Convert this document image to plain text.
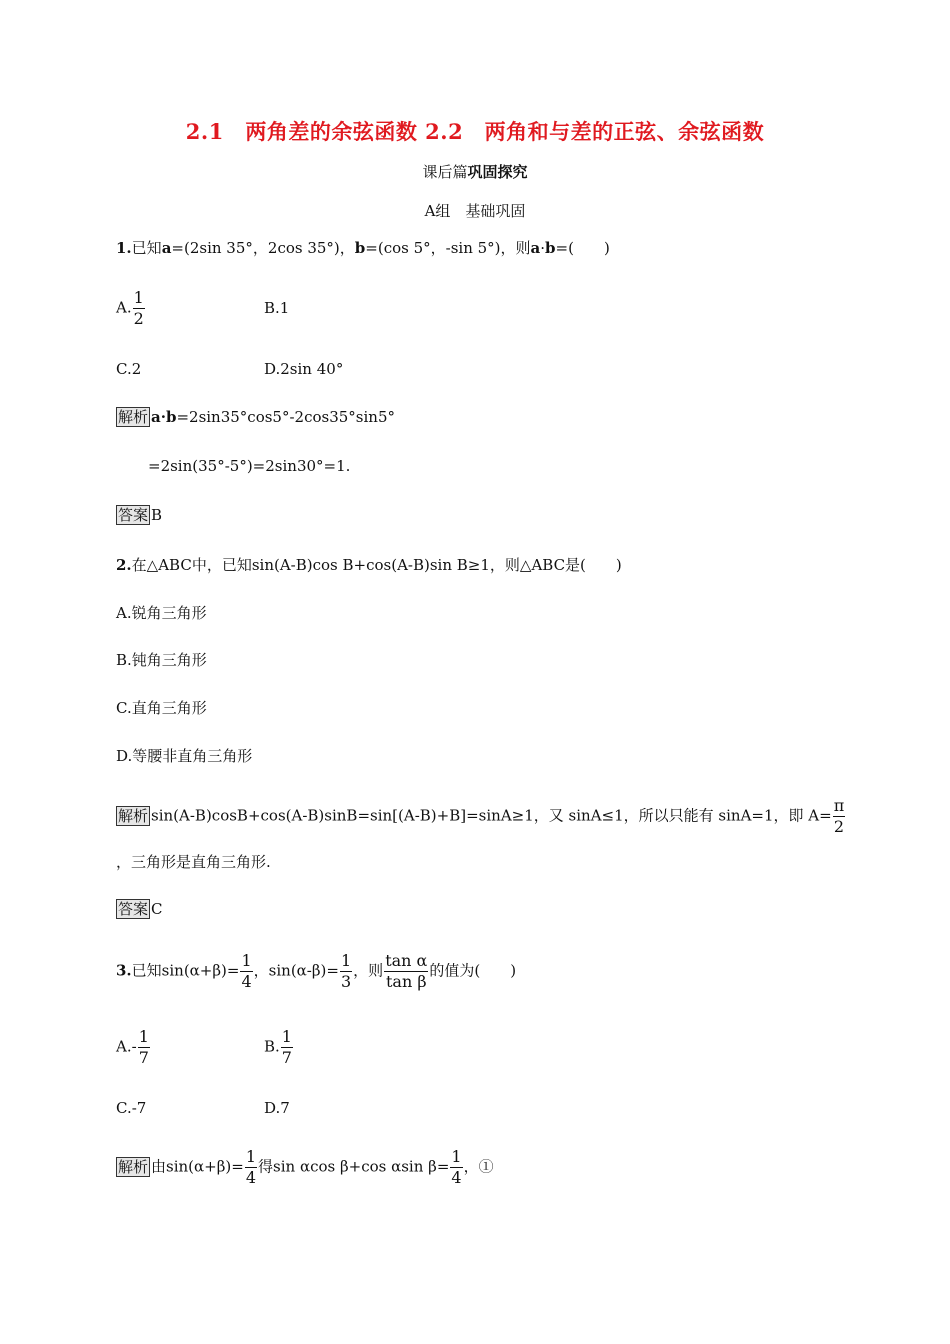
2.1　两角差的余弦函数 2.2　两角和与差的正弦、余弦函数
课后篇巩固探究
A组　基础巩固
1.已知a=(2sin 35°，2cos 35°)，b=(cos 5°，-sin 5°)，则a·b=(　　)
A. $\frac{1}{2}$	B.1
C.2	D.2sin 40°
解析 a·b=2sin35°cos5°-2cos35°sin5°
=2sin(35°-5°)=2sin30°=1.
答案 B
2.在△ABC中，已知sin(A-B)cos B+cos(A-B)sin B≥1，则△ABC是(　　)
A.锐角三角形
B.钝角三角形
C.直角三角形
D.等腰非直角三角形
解析 sin(A-B)cosB+cos(A-B)sinB=sin[(A-B)+B]=sinA≥1，又 sinA≤1，所以只能有 sinA=1，即 $A= \frac{\pi}{2}$
，三角形是直角三角形.
答案 C
3.已知$\sin(\alpha+\beta)= \frac{1}{4}$ ，$\sin(\alpha-\beta)= \frac{1}{3}$ ，则 $\frac{\text{tan α}}{\text{tan β}}$ 的值为(　　)
$A.- \frac{1}{7}$	B. $\frac{1}{7}$
C.-7	D.7
解析 由$\sin(\alpha+\beta)= \frac{1}{4}$ 得sin αcos β+cos αsin $\beta= \frac{1}{4}$ ，①
